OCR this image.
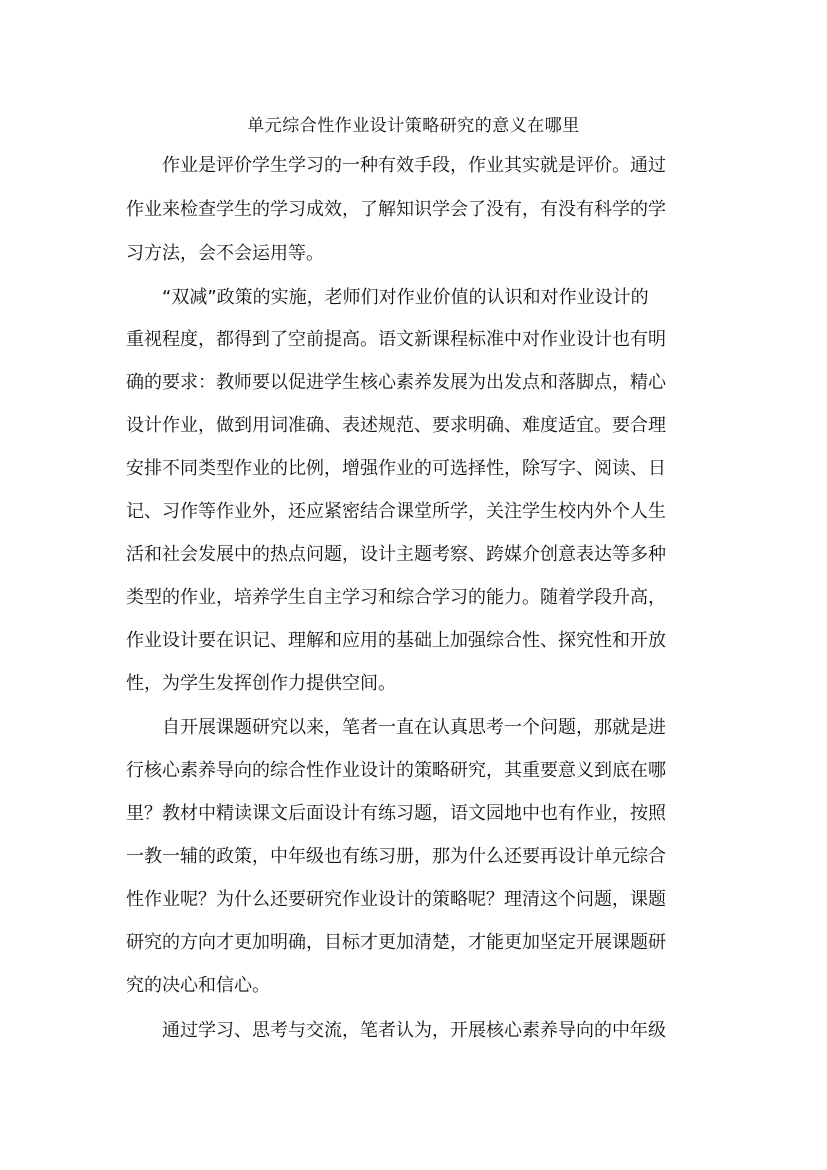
单元综合性作业设计策略研究的意义在哪里
作业是评价学生学习的一种有效手段，作业其实就是评价。通过
作业来检查学生的学习成效，了解知识学会了没有，有没有科学的学
习方法，会不会运用等。
“双减”政策的实施，老师们对作业价值的认识和对作业设计的
重视程度，都得到了空前提高。语文新课程标准中对作业设计也有明
确的要求：教师要以促进学生核心素养发展为出发点和落脚点，精心
设计作业，做到用词准确、表述规范、要求明确、难度适宜。要合理
安排不同类型作业的比例，增强作业的可选择性，除写字、阅读、日
记、习作等作业外，还应紧密结合课堂所学，关注学生校内外个人生
活和社会发展中的热点问题，设计主题考察、跨媒介创意表达等多种
类型的作业，培养学生自主学习和综合学习的能力。随着学段升高，
作业设计要在识记、理解和应用的基础上加强综合性、探究性和开放
性，为学生发挥创作力提供空间。
自开展课题研究以来，笔者一直在认真思考一个问题，那就是进
行核心素养导向的综合性作业设计的策略研究，其重要意义到底在哪
里？教材中精读课文后面设计有练习题，语文园地中也有作业，按照
一教一辅的政策，中年级也有练习册，那为什么还要再设计单元综合
性作业呢？为什么还要研究作业设计的策略呢？理清这个问题，课题
研究的方向才更加明确，目标才更加清楚，才能更加坚定开展课题研
究的决心和信心。
通过学习、思考与交流，笔者认为，开展核心素养导向的中年级
